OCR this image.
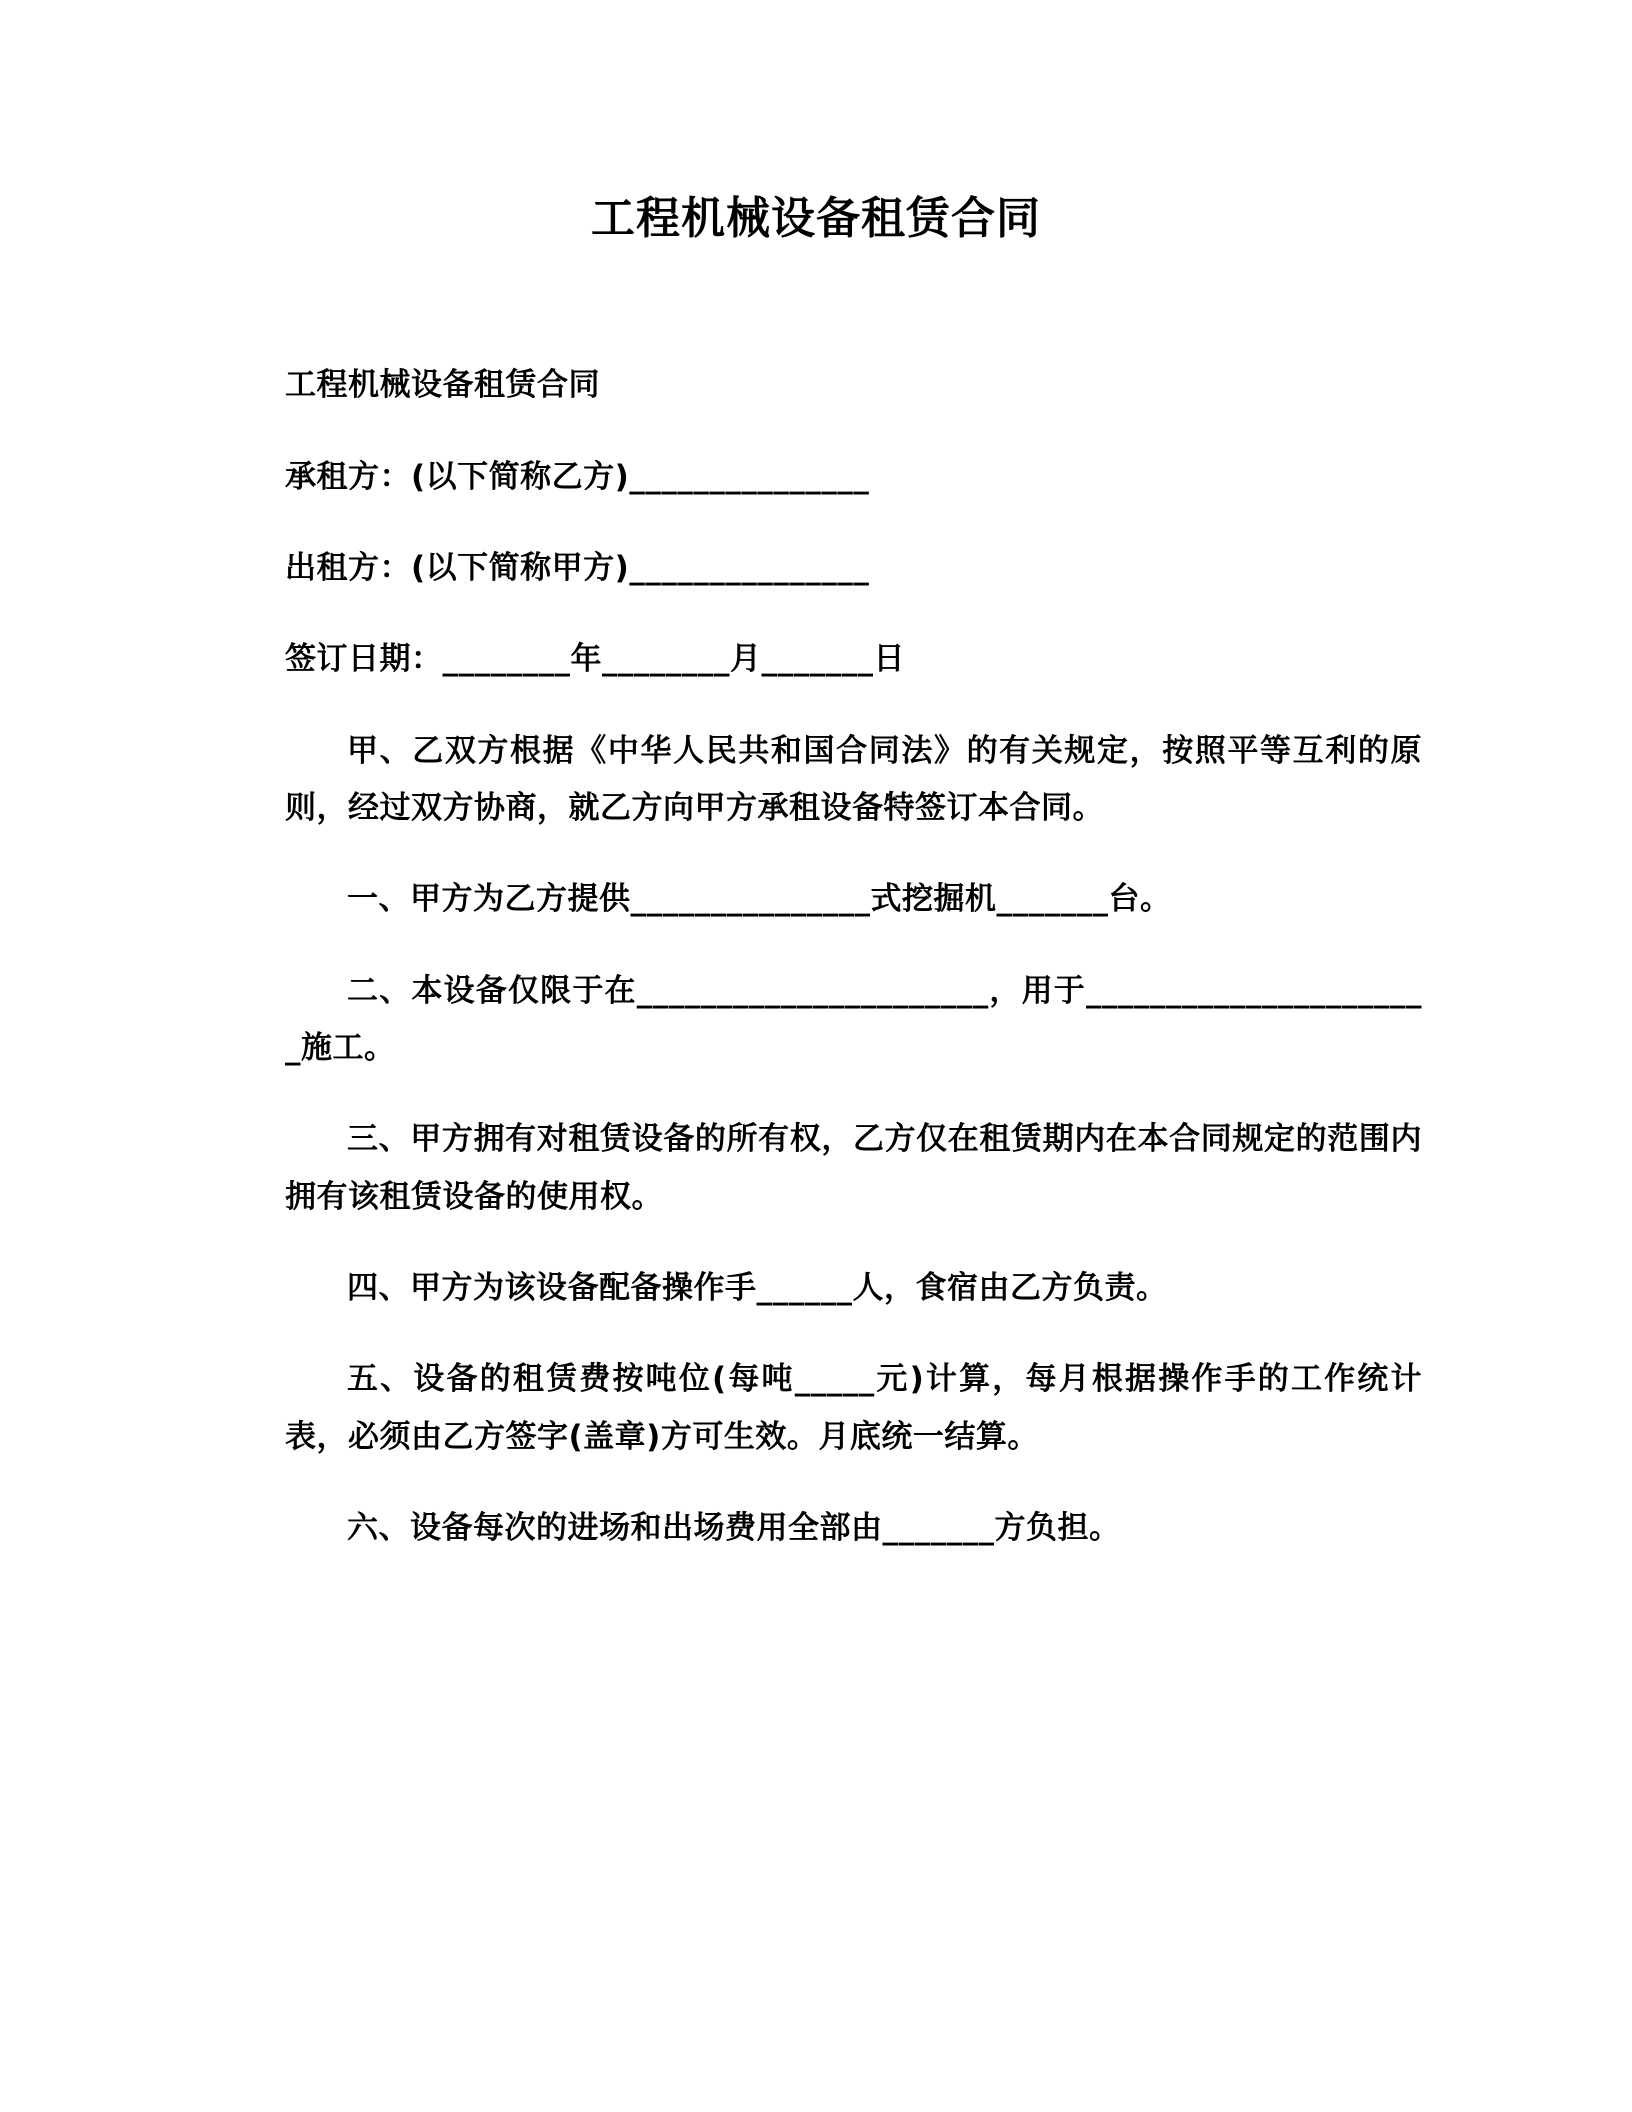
工程机械设备租赁合同

工程机械设备租赁合同

承租方：(以下简称乙方)_______________

出租方：(以下简称甲方)_______________

签订日期：________年________月_______日

甲、乙双方根据《中华人民共和国合同法》的有关规定，按照平等互利的原则，经过双方协商，就乙方向甲方承租设备特签订本合同。

一、甲方为乙方提供_______________式挖掘机_______台。

二、本设备仅限于在______________________，用于______________________施工。

三、甲方拥有对租赁设备的所有权，乙方仅在租赁期内在本合同规定的范围内拥有该租赁设备的使用权。

四、甲方为该设备配备操作手______人，食宿由乙方负责。

五、设备的租赁费按吨位(每吨_____元)计算，每月根据操作手的工作统计表，必须由乙方签字(盖章)方可生效。月底统一结算。

六、设备每次的进场和出场费用全部由_______方负担。
